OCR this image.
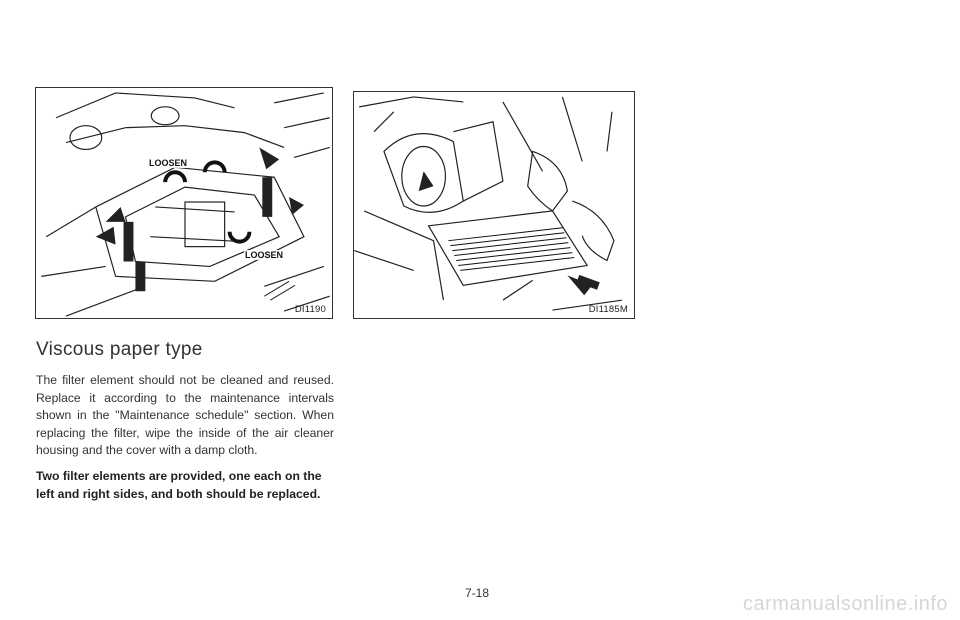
LOOSEN
LOOSEN
DI1190	DI1185M
Viscous paper type

The filter element should not be cleaned and reused. Replace it according to the maintenance intervals shown in the "Maintenance schedule" section. When replacing the filter, wipe the inside of the air cleaner housing and the cover with a damp cloth.

Two filter elements are provided, one each on the left and right sides, and both should be replaced.

7-18	carmanualsonline.info
